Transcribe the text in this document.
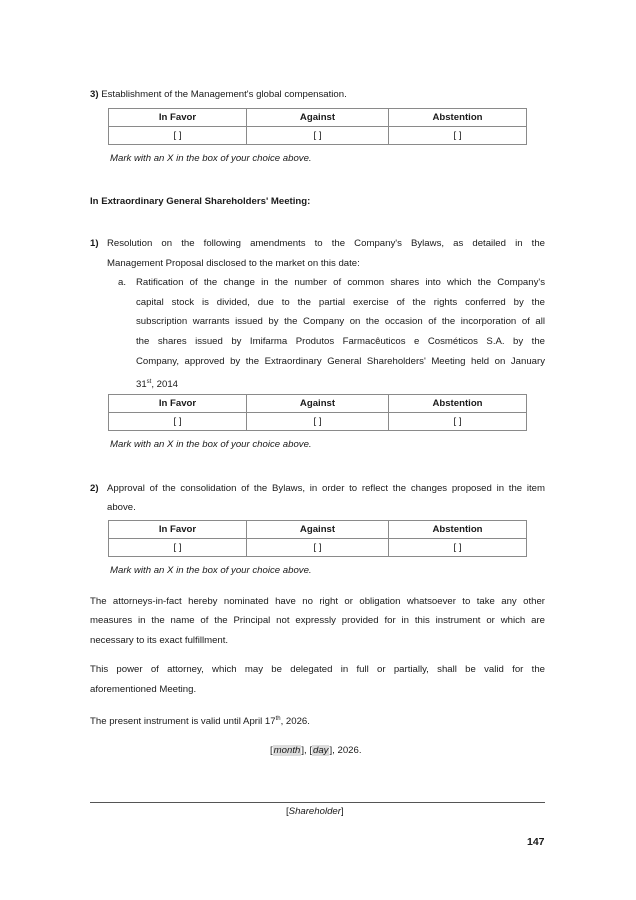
3) Establishment of the Management's global compensation.
In Favor	Against	Abstention
[ ]	[ ]	[ ]
Mark with an X in the box of your choice above.
In Extraordinary General Shareholders' Meeting:
1) Resolution on the following amendments to the Company's Bylaws, as detailed in the
Management Proposal disclosed to the market on this date:
a. Ratification of the change in the number of common shares into which the Company's
capital stock is divided, due to the partial exercise of the rights conferred by the
subscription warrants issued by the Company on the occasion of the incorporation of all
the shares issued by Imifarma Produtos Farmacêuticos e Cosméticos S.A. by the
Company, approved by the Extraordinary General Shareholders' Meeting held on January
31st, 2014
In Favor	Against	Abstention
[ ]	[ ]	[ ]
Mark with an X in the box of your choice above.
2) Approval of the consolidation of the Bylaws, in order to reflect the changes proposed in the item
above.
In Favor	Against	Abstention
[ ]	[ ]	[ ]
Mark with an X in the box of your choice above.
The attorneys-in-fact hereby nominated have no right or obligation whatsoever to take any other
measures in the name of the Principal not expressly provided for in this instrument or which are
necessary to its exact fulfillment.
This power of attorney, which may be delegated in full or partially, shall be valid for the
aforementioned Meeting.
The present instrument is valid until April 17th, 2026.
[month], [day], 2026.
[Shareholder]
147
